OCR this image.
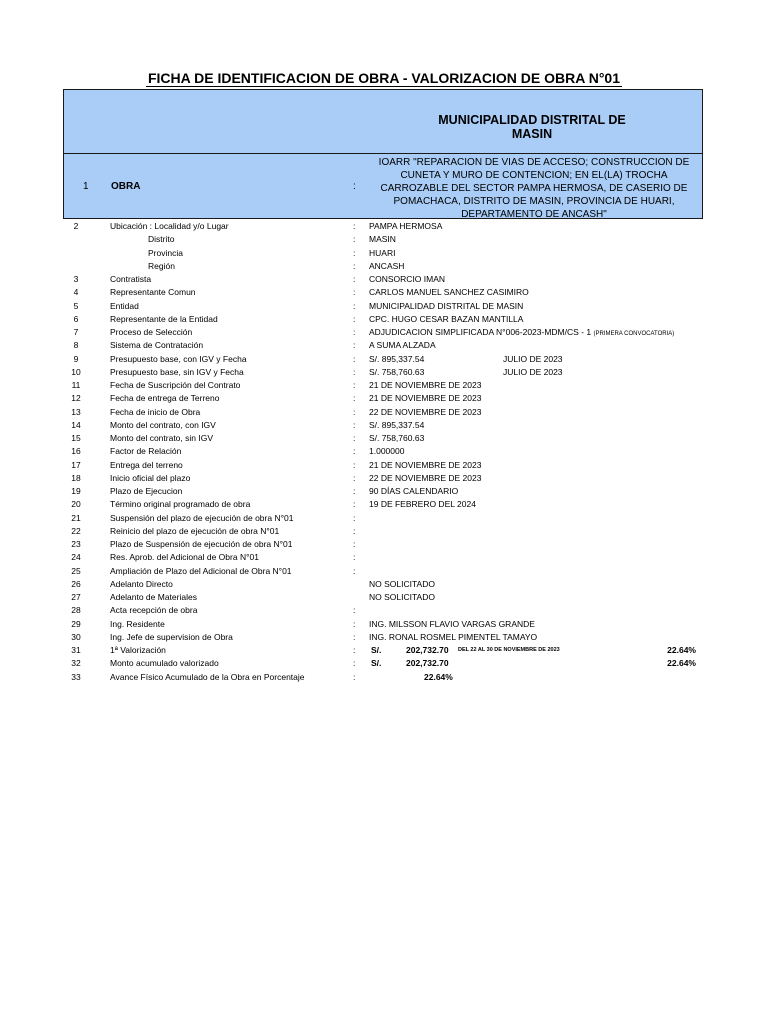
FICHA DE IDENTIFICACION DE OBRA - VALORIZACION DE OBRA N°01
MUNICIPALIDAD DISTRITAL DE MASIN
1 OBRA	:
IOARR "REPARACION DE VIAS DE ACCESO; CONSTRUCCION DE CUNETA Y MURO DE CONTENCION; EN EL(LA) TROCHA CARROZABLE DEL SECTOR PAMPA HERMOSA, DE CASERIO DE POMACHACA, DISTRITO DE MASIN, PROVINCIA DE HUARI, DEPARTAMENTO DE ANCASH"
2	Ubicación : Localidad y/o Lugar	: PAMPA HERMOSA
Distrito	: MASIN
Provincia	: HUARI
Región	: ANCASH
3	Contratista	: CONSORCIO IMAN
4	Representante Comun	: CARLOS MANUEL SANCHEZ CASIMIRO
5	Entidad	: MUNICIPALIDAD DISTRITAL DE MASIN
6	Representante de la Entidad	: CPC. HUGO CESAR BAZAN MANTILLA
7	Proceso de Selección	: ADJUDICACION SIMPLIFICADA N°006-2023-MDM/CS - 1 (PRIMERA CONVOCATORIA)
8	Sistema de Contratación	: A SUMA ALZADA
9	Presupuesto base, con IGV y Fecha	: S/. 895,337.54	JULIO DE 2023
10	Presupuesto base, sin IGV y Fecha	: S/. 758,760.63	JULIO DE 2023
11	Fecha de Suscripción del Contrato	: 21 DE NOVIEMBRE DE 2023
12	Fecha de entrega de Terreno	: 21 DE NOVIEMBRE DE 2023
13	Fecha de inicio de Obra	: 22 DE NOVIEMBRE DE 2023
14	Monto del contrato, con IGV	: S/. 895,337.54
15	Monto del contrato, sin IGV	: S/. 758,760.63
16	Factor de Relación	: 1.000000
17	Entrega del terreno	: 21 DE NOVIEMBRE DE 2023
18	Inicio oficial del plazo	: 22 DE NOVIEMBRE DE 2023
19	Plazo de Ejecucion	: 90 DÍAS CALENDARIO
20	Término original programado de obra	: 19 DE FEBRERO DEL 2024
21	Suspensión del plazo de ejecución de obra N°01	:
22	Reinicio del plazo de ejecución de obra N°01	:
23	Plazo de Suspensión de ejecución de obra N°01	:
24	Res. Aprob. del Adicional de Obra N°01	:
25	Ampliación de Plazo del Adicional de Obra N°01	:
26	Adelanto Directo	NO SOLICITADO
27	Adelanto de Materiales	NO SOLICITADO
28	Acta recepción de obra	:
29	Ing. Residente	: ING. MILSSON FLAVIO VARGAS GRANDE
30	Ing. Jefe de supervision de Obra	: ING. RONAL ROSMEL PIMENTEL TAMAYO
31	1ª Valorización	: S/.	202,732.70 DEL 22 AL 30 DE NOVIEMBRE DE 2023	22.64%
32	Monto acumulado valorizado	: S/.	202,732.70	22.64%
33	Avance Físico Acumulado de la Obra en Porcentaje	:	22.64%
